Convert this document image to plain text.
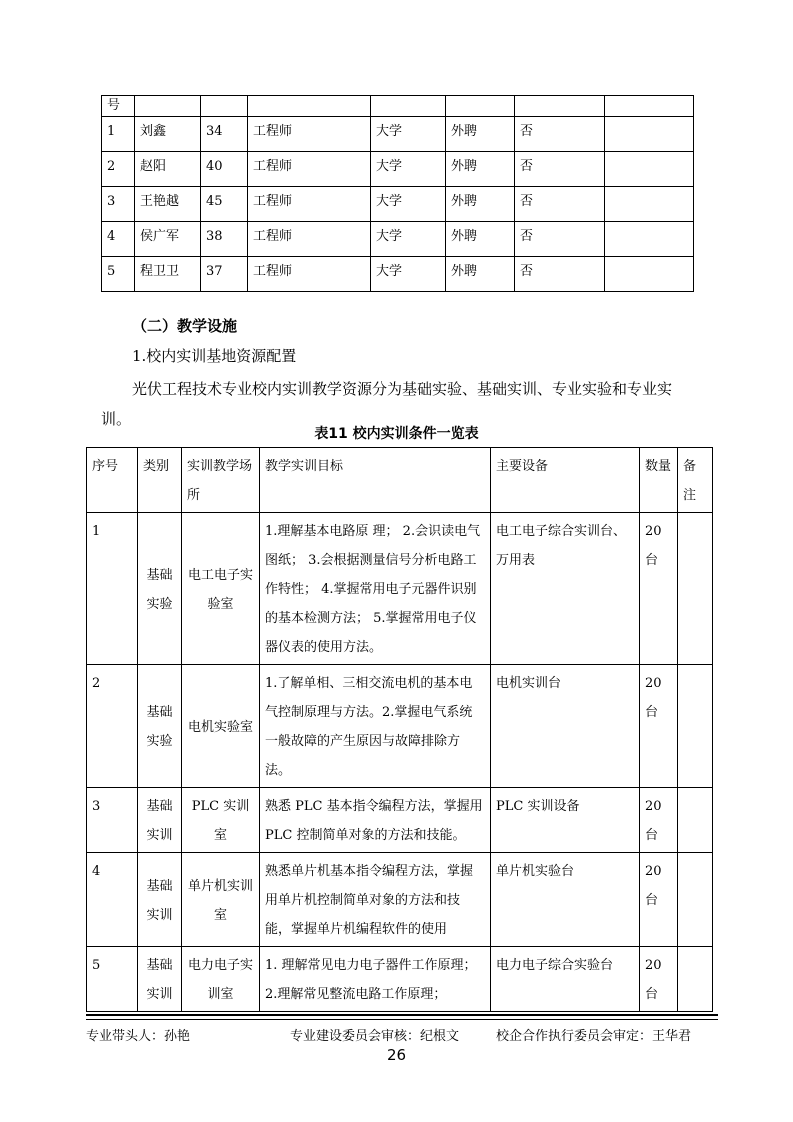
号							
1	刘鑫	34	工程师	大学	外聘	否	
2	赵阳	40	工程师	大学	外聘	否	
3	王艳越	45	工程师	大学	外聘	否	
4	侯广军	38	工程师	大学	外聘	否	
5	程卫卫	37	工程师	大学	外聘	否	
（二）教学设施
1.校内实训基地资源配置
光伏工程技术专业校内实训教学资源分为基础实验、基础实训、专业实验和专业实训。
表11 校内实训条件一览表
序号	类别	实训教学场所	教学实训目标	主要设备	数量	备注
1	基础实验	电工电子实验室	1.理解基本电路原 理； 2.会识读电气图纸； 3.会根据测量信号分析电路工作特性； 4.掌握常用电子元器件识别的基本检测方法； 5.掌握常用电子仪器仪表的使用方法。	电工电子综合实训台、万用表	20台	
2	基础实验	电机实验室	1.了解单相、三相交流电机的基本电气控制原理与方法。2.掌握电气系统一般故障的产生原因与故障排除方法。	电机实训台	20台	
3	基础实训	PLC 实训室	熟悉 PLC 基本指令编程方法，掌握用 PLC 控制简单对象的方法和技能。	PLC 实训设备	20台	
4	基础实训	单片机实训室	熟悉单片机基本指令编程方法，掌握用单片机控制简单对象的方法和技能，掌握单片机编程软件的使用	单片机实验台	20台	
5	基础实训	电力电子实训室	1. 理解常见电力电子器件工作原理； 2.理解常见整流电路工作原理；	电力电子综合实验台	20台	
专业带头人：孙艳	专业建设委员会审核：纪根文	校企合作执行委员会审定：王华君
26
